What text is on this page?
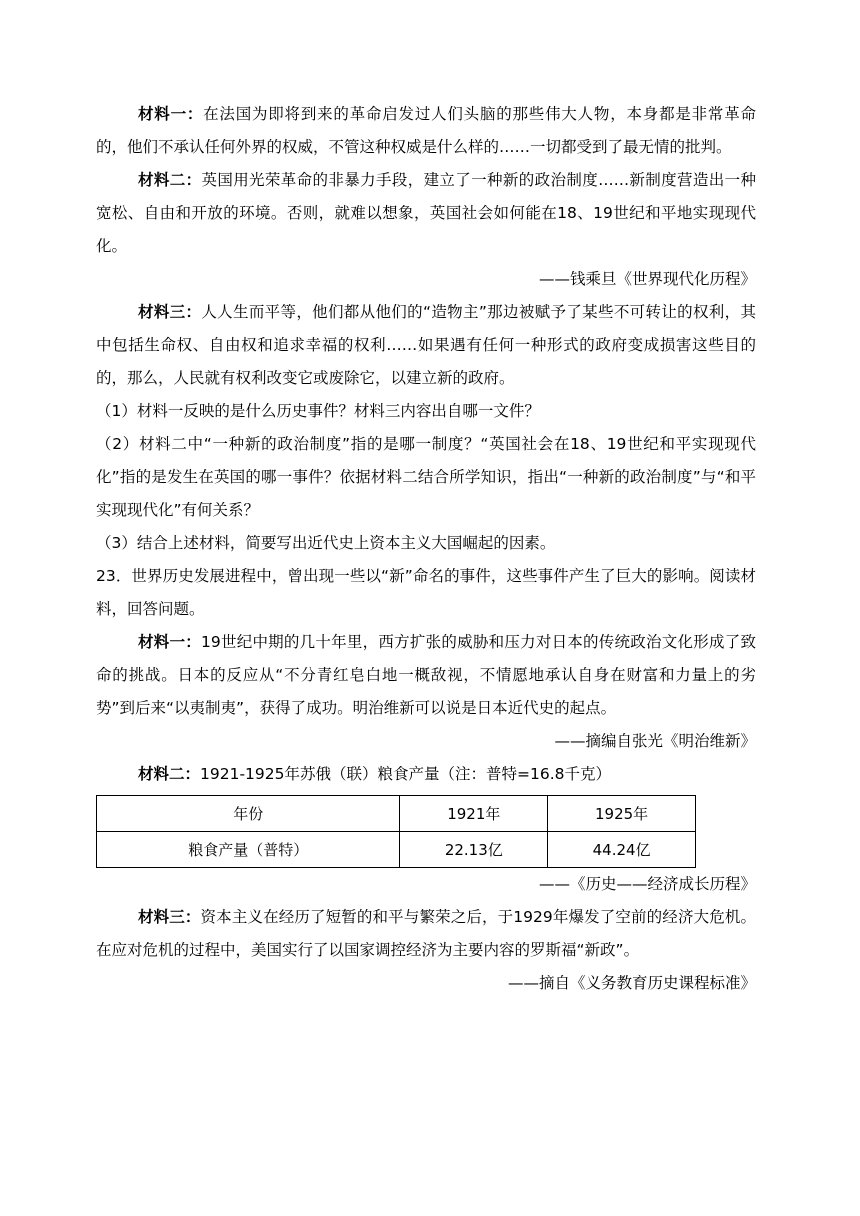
材料一：在法国为即将到来的革命启发过人们头脑的那些伟大人物，本身都是非常革命的，他们不承认任何外界的权威，不管这种权威是什么样的……一切都受到了最无情的批判。

材料二：英国用光荣革命的非暴力手段，建立了一种新的政治制度……新制度营造出一种宽松、自由和开放的环境。否则，就难以想象，英国社会如何能在18、19世纪和平地实现现代化。

——钱乘旦《世界现代化历程》

材料三：人人生而平等，他们都从他们的“造物主”那边被赋予了某些不可转让的权利，其中包括生命权、自由权和追求幸福的权利……如果遇有任何一种形式的政府变成损害这些目的的，那么，人民就有权利改变它或废除它，以建立新的政府。

（1）材料一反映的是什么历史事件？材料三内容出自哪一文件？

（2）材料二中“一种新的政治制度”指的是哪一制度？“英国社会在18、19世纪和平实现现代化”指的是发生在英国的哪一事件？依据材料二结合所学知识，指出“一种新的政治制度”与“和平实现现代化”有何关系？

（3）结合上述材料，简要写出近代史上资本主义大国崛起的因素。

23．世界历史发展进程中，曾出现一些以“新”命名的事件，这些事件产生了巨大的影响。阅读材料，回答问题。

材料一：19世纪中期的几十年里，西方扩张的威胁和压力对日本的传统政治文化形成了致命的挑战。日本的反应从“不分青红皂白地一概敌视，不情愿地承认自身在财富和力量上的劣势”到后来“以夷制夷”，获得了成功。明治维新可以说是日本近代史的起点。

——摘编自张光《明治维新》

材料二：1921-1925年苏俄（联）粮食产量（注：普特=16.8千克）

年份	1921年	1925年
粮食产量（普特）	22.13亿	44.24亿

——《历史——经济成长历程》

材料三：资本主义在经历了短暂的和平与繁荣之后，于1929年爆发了空前的经济大危机。在应对危机的过程中，美国实行了以国家调控经济为主要内容的罗斯福“新政”。

——摘自《义务教育历史课程标准》
